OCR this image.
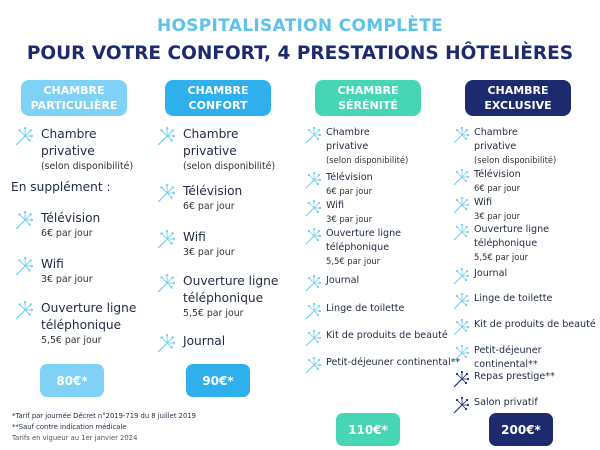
HOSPITALISATION COMPLÈTE
POUR VOTRE CONFORT, 4 PRESTATIONS HÔTELIÈRES
CHAMBRE
PARTICULIÈRE
CHAMBRE
CONFORT
CHAMBRE
SÉRÉNITÉ
CHAMBRE
EXCLUSIVE
Chambre
privative
(selon disponibilité)
En supplément :
Télévision
6€ par jour
Wifi
3€ par jour
Ouverture ligne
téléphonique
5,5€ par jour
80€*
Chambre
privative
(selon disponibilité)
Télévision
6€ par jour
Wifi
3€ par jour
Ouverture ligne
téléphonique
5,5€ par jour
Journal
90€*
Chambre
privative
(selon disponibilité)
Télévision
6€ par jour
Wifi
3€ par jour
Ouverture ligne
téléphonique
5,5€ par jour
Journal
Linge de toilette
Kit de produits de beauté
Petit-déjeuner continental**
110€*
Chambre
privative
(selon disponibilité)
Télévision
6€ par jour
Wifi
3€ par jour
Ouverture ligne
téléphonique
5,5€ par jour
Journal
Linge de toilette
Kit de produits de beauté
Petit-déjeuner continental**
Repas prestige**
Salon privatif
200€*
*Tarif par journée Décret n°2019-719 du 8 juillet 2019
**Sauf contre indication médicale
Tarifs en vigueur au 1er janvier 2024
